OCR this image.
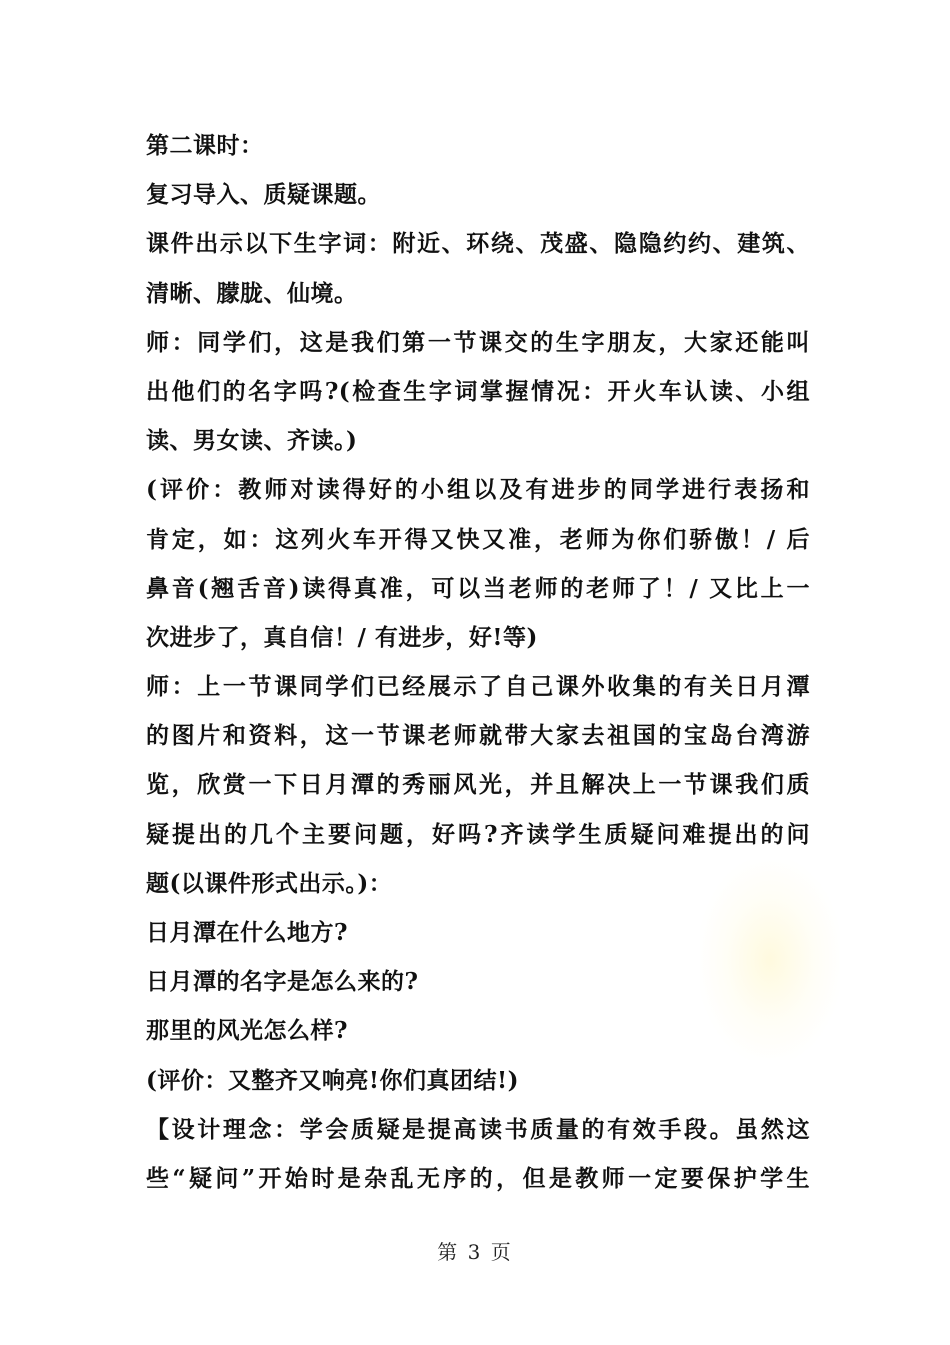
第二课时：
复习导入、质疑课题。
课件出示以下生字词：附近、环绕、茂盛、隐隐约约、建筑、
清晰、朦胧、仙境。
师：同学们，这是我们第一节课交的生字朋友，大家还能叫
出他们的名字吗?(检查生字词掌握情况：开火车认读、小组
读、男女读、齐读。)
(评价：教师对读得好的小组以及有进步的同学进行表扬和
肯定，如：这列火车开得又快又准，老师为你们骄傲！/ 后
鼻音(翘舌音)读得真准，可以当老师的老师了！/ 又比上一
次进步了，真自信！/ 有进步，好!等)
师：上一节课同学们已经展示了自己课外收集的有关日月潭
的图片和资料，这一节课老师就带大家去祖国的宝岛台湾游
览，欣赏一下日月潭的秀丽风光，并且解决上一节课我们质
疑提出的几个主要问题，好吗?齐读学生质疑问难提出的问
题(以课件形式出示。)：
日月潭在什么地方?
日月潭的名字是怎么来的?
那里的风光怎么样?
(评价：又整齐又响亮!你们真团结!)
【设计理念：学会质疑是提高读书质量的有效手段。虽然这
些“疑问”开始时是杂乱无序的，但是教师一定要保护学生
第 3 页
